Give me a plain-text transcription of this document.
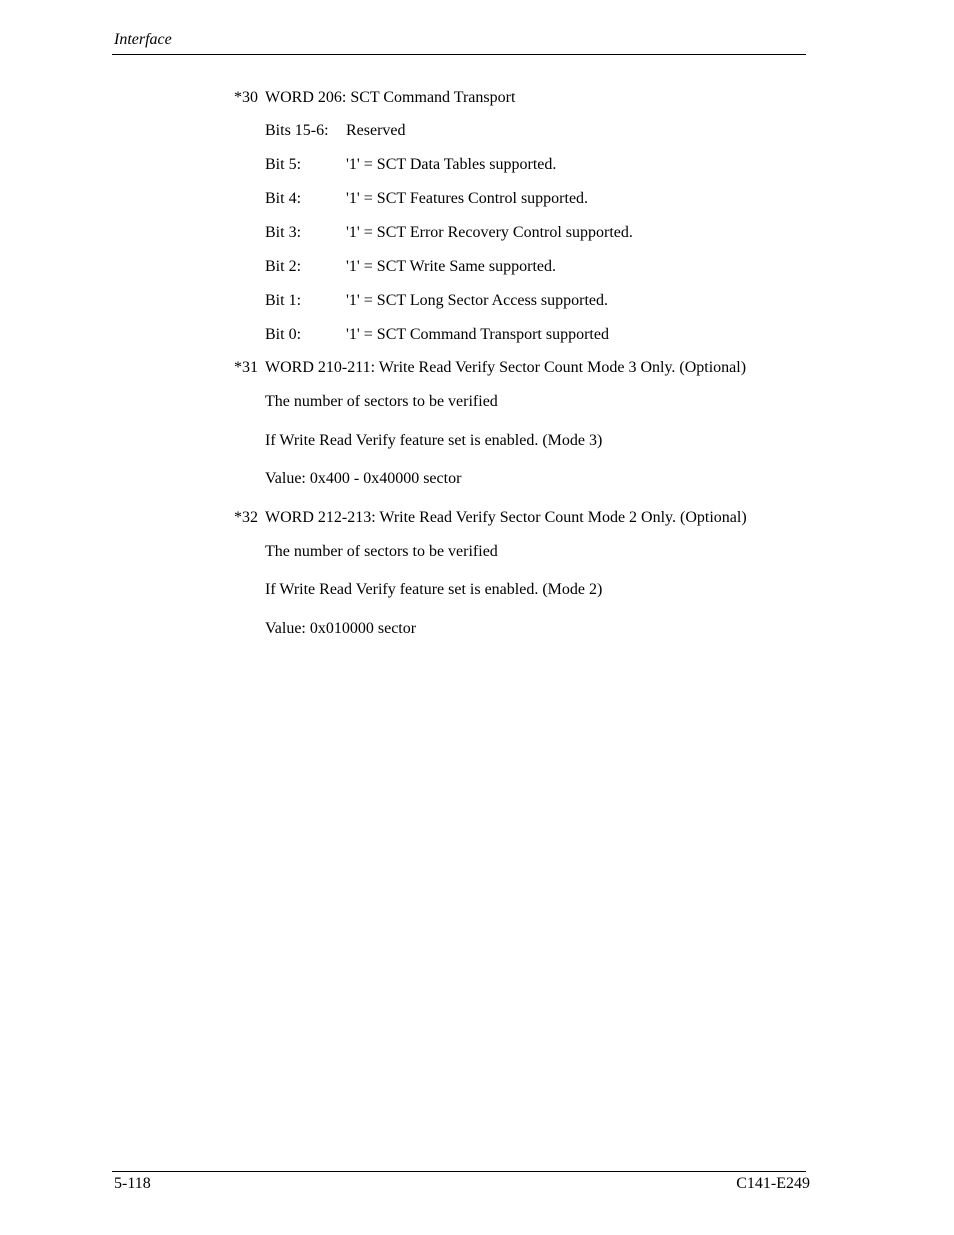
Interface
*30 WORD 206: SCT Command Transport
Bits 15-6: Reserved
Bit 5:	'1' = SCT Data Tables supported.
Bit 4:	'1' = SCT Features Control supported.
Bit 3:	'1' = SCT Error Recovery Control supported.
Bit 2:	'1' = SCT Write Same supported.
Bit 1:	'1' = SCT Long Sector Access supported.
Bit 0:	'1' = SCT Command Transport supported
*31 WORD 210-211: Write Read Verify Sector Count Mode 3 Only. (Optional)
The number of sectors to be verified
If Write Read Verify feature set is enabled. (Mode 3)
Value: 0x400 - 0x40000 sector
*32 WORD 212-213: Write Read Verify Sector Count Mode 2 Only. (Optional)
The number of sectors to be verified
If Write Read Verify feature set is enabled. (Mode 2)
Value: 0x010000 sector
5-118	C141-E249
